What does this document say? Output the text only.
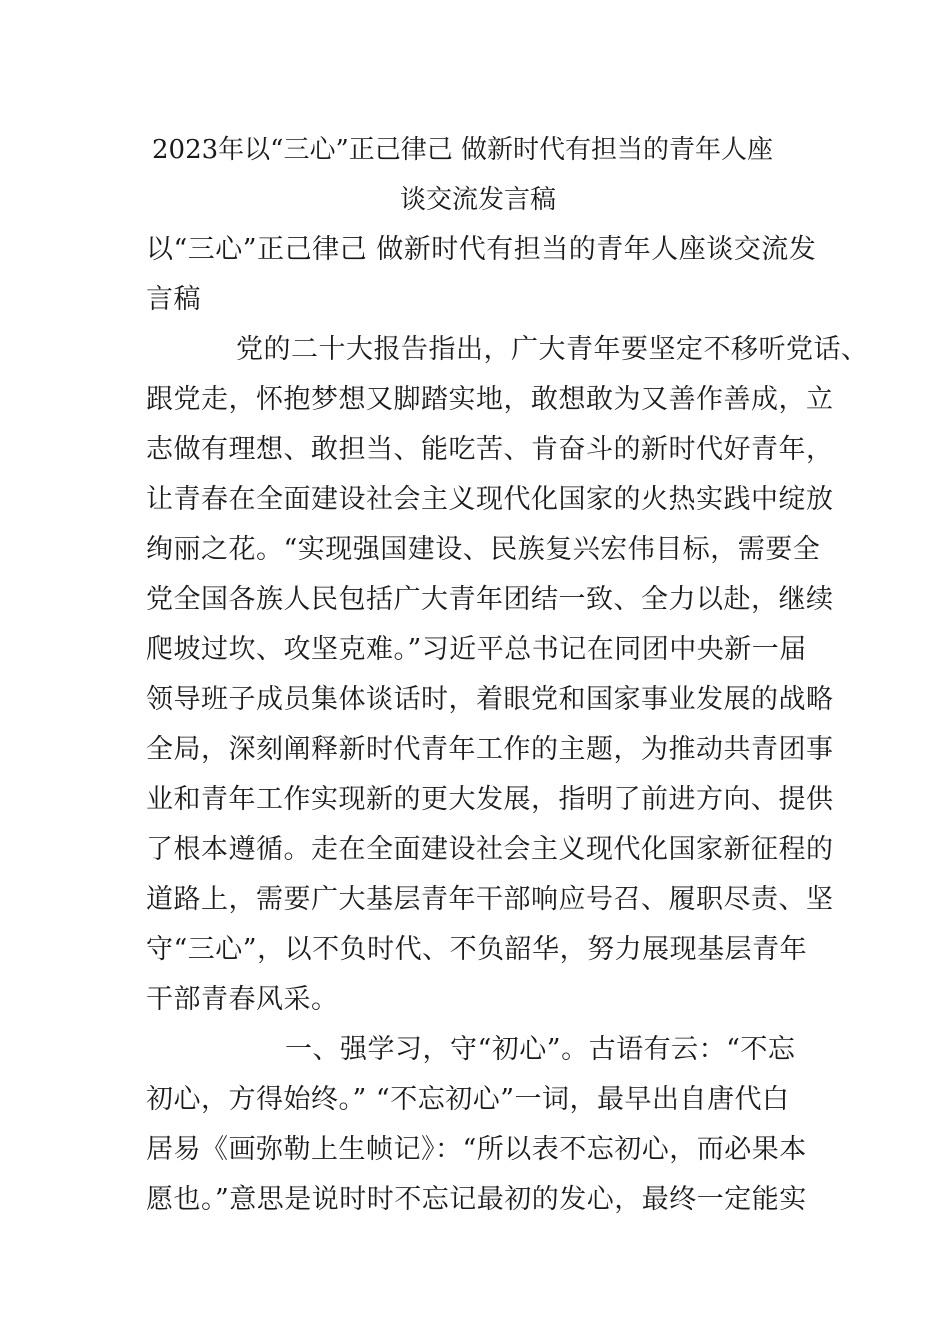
2023年以“三心”正己律己 做新时代有担当的青年人座
谈交流发言稿
以“三心”正己律己 做新时代有担当的青年人座谈交流发
言稿
党的二十大报告指出，广大青年要坚定不移听党话、
跟党走，怀抱梦想又脚踏实地，敢想敢为又善作善成，立
志做有理想、敢担当、能吃苦、肯奋斗的新时代好青年，
让青春在全面建设社会主义现代化国家的火热实践中绽放
绚丽之花。“实现强国建设、民族复兴宏伟目标，需要全
党全国各族人民包括广大青年团结一致、全力以赴，继续
爬坡过坎、攻坚克难。”习近平总书记在同团中央新一届
领导班子成员集体谈话时，着眼党和国家事业发展的战略
全局，深刻阐释新时代青年工作的主题，为推动共青团事
业和青年工作实现新的更大发展，指明了前进方向、提供
了根本遵循。走在全面建设社会主义现代化国家新征程的
道路上，需要广大基层青年干部响应号召、履职尽责、坚
守“三心”，以不负时代、不负韶华，努力展现基层青年
干部青春风采。
一、强学习，守“初心”。古语有云：“不忘
初心，方得始终。” “不忘初心”一词，最早出自唐代白
居易《画弥勒上生帧记》：“所以表不忘初心，而必果本
愿也。”意思是说时时不忘记最初的发心，最终一定能实
